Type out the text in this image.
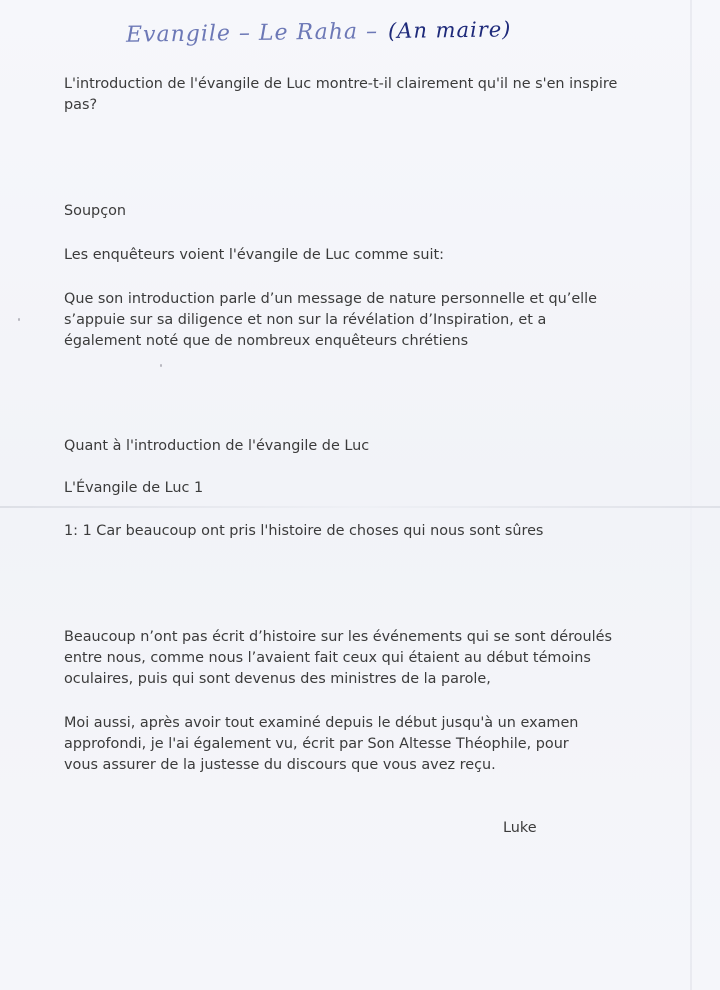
Evangile – Le Raha – (An maire)

L'introduction de l'évangile de Luc montre-t-il clairement qu'il ne s'en inspire pas?

Soupçon

Les enquêteurs voient l'évangile de Luc comme suit:

Que son introduction parle d’un message de nature personnelle et qu’elle s’appuie sur sa diligence et non sur la révélation d’Inspiration, et a également noté que de nombreux enquêteurs chrétiens

Quant à l'introduction de l'évangile de Luc

L'Évangile de Luc 1

1: 1 Car beaucoup ont pris l'histoire de choses qui nous sont sûres

Beaucoup n’ont pas écrit d’histoire sur les événements qui se sont déroulés entre nous, comme nous l’avaient fait ceux qui étaient au début témoins oculaires, puis qui sont devenus des ministres de la parole,

Moi aussi, après avoir tout examiné depuis le début jusqu'à un examen approfondi, je l'ai également vu, écrit par Son Altesse Théophile, pour vous assurer de la justesse du discours que vous avez reçu.

Luke
